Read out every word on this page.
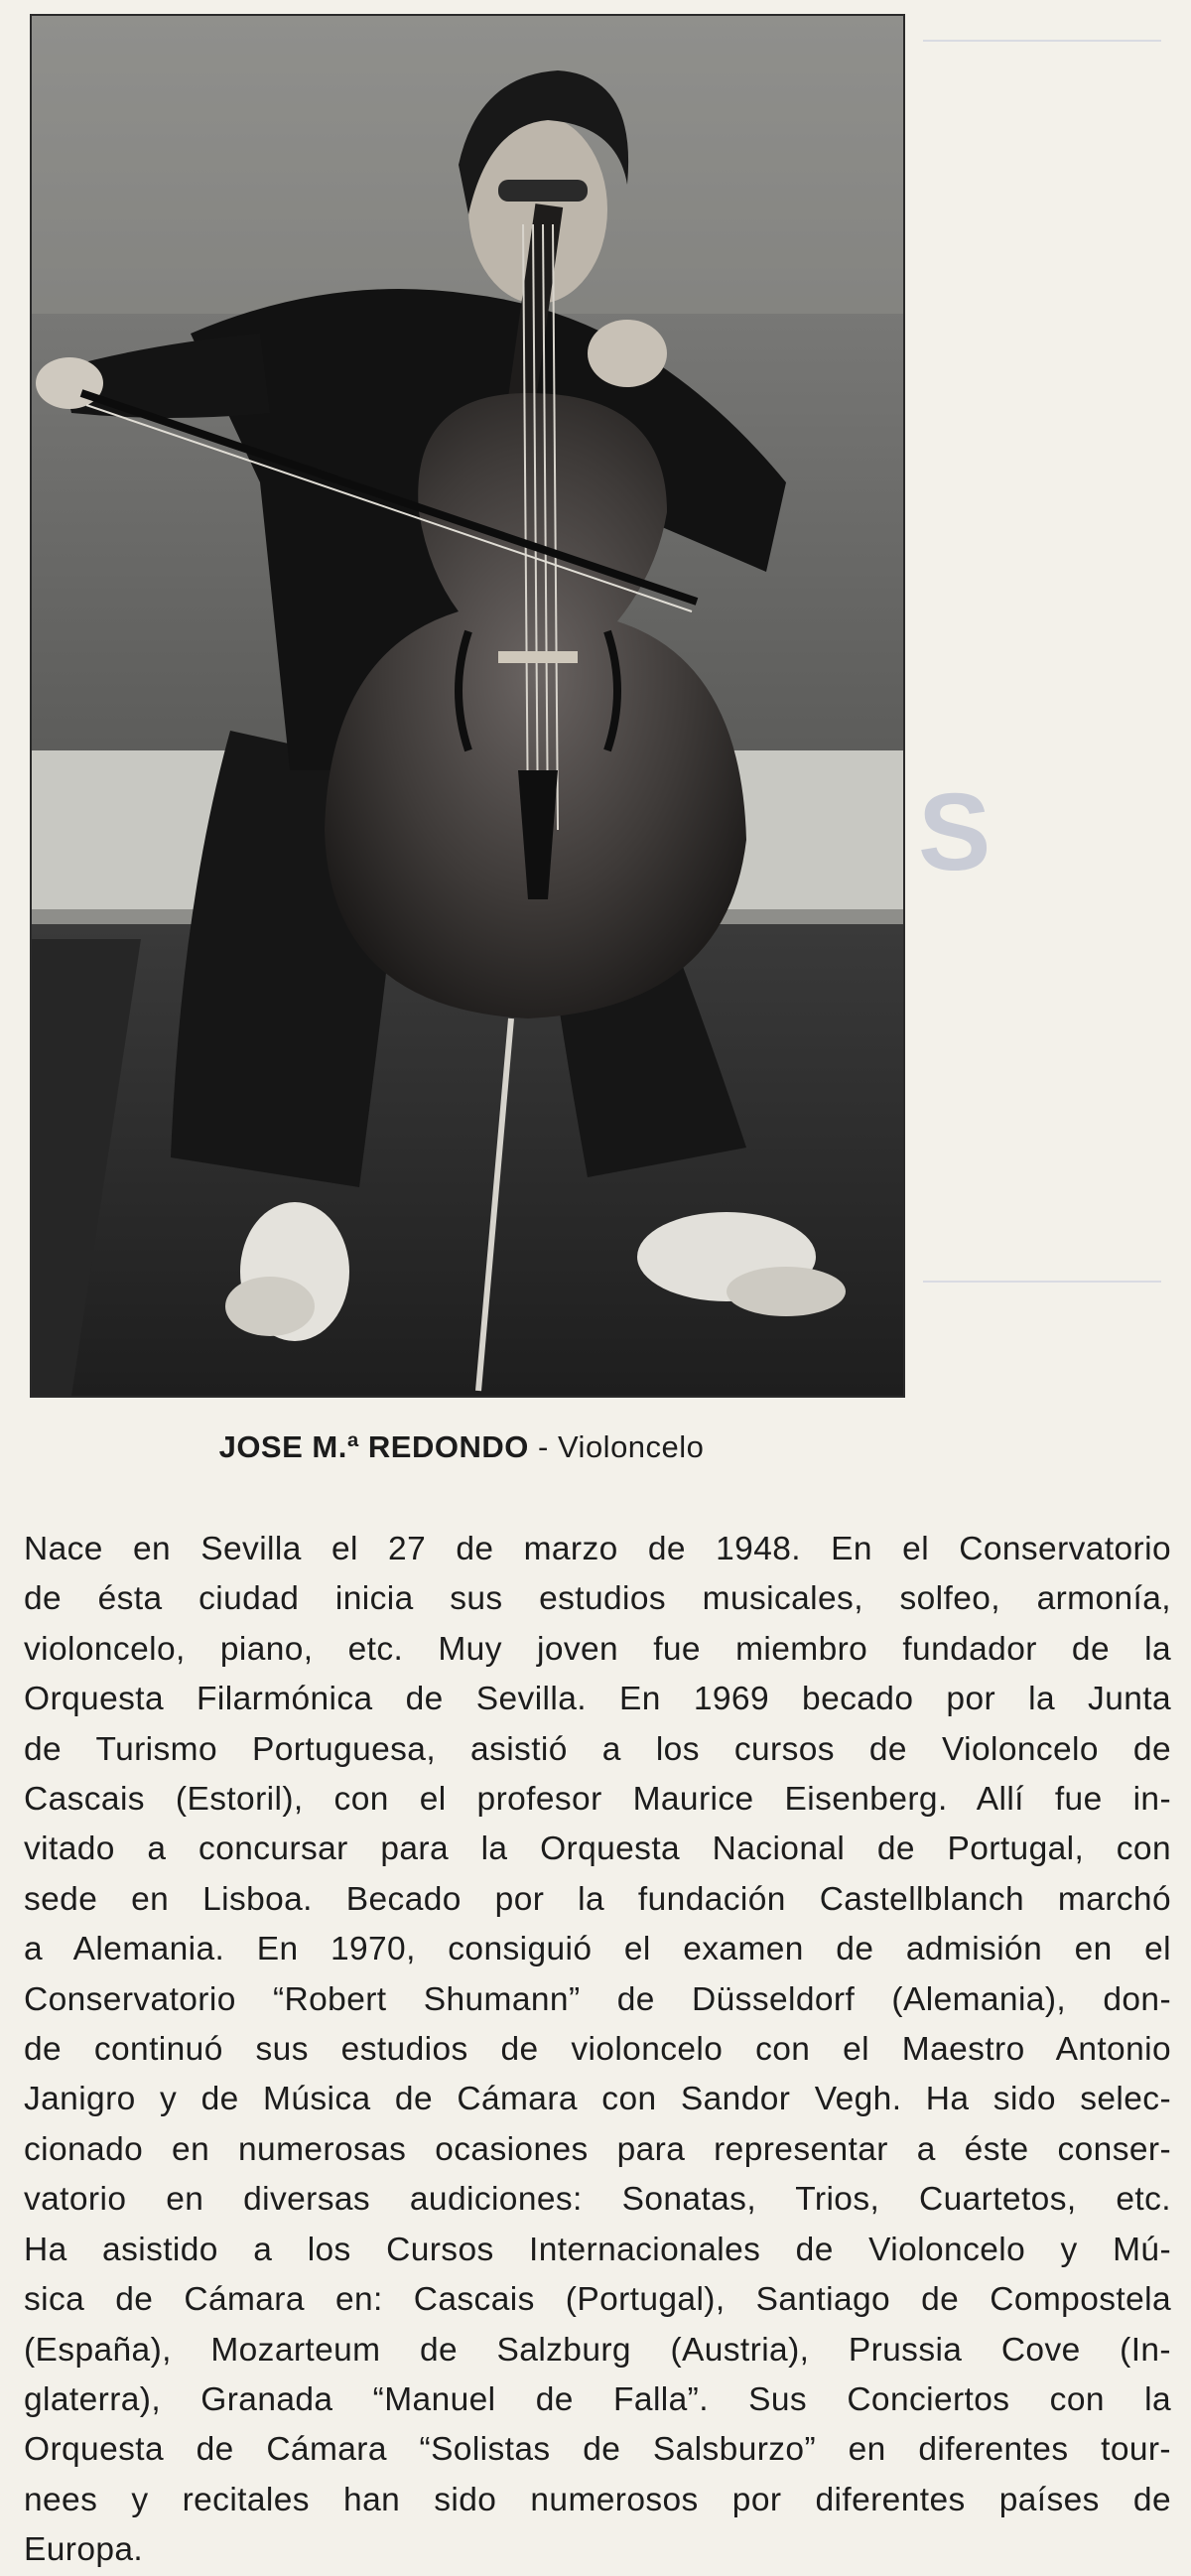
S
JOSE M.ª REDONDO - Violoncelo
Nace en Sevilla el 27 de marzo de 1948. En el Conservatorio
de ésta ciudad inicia sus estudios musicales, solfeo, armonía,
violoncelo, piano, etc. Muy joven fue miembro fundador de la
Orquesta Filarmónica de Sevilla. En 1969 becado por la Junta
de Turismo Portuguesa, asistió a los cursos de Violoncelo de
Cascais (Estoril), con el profesor Maurice Eisenberg. Allí fue in-
vitado a concursar para la Orquesta Nacional de Portugal, con
sede en Lisboa. Becado por la fundación Castellblanch marchó
a Alemania. En 1970, consiguió el examen de admisión en el
Conservatorio “Robert Shumann” de Düsseldorf (Alemania), don-
de continuó sus estudios de violoncelo con el Maestro Antonio
Janigro y de Música de Cámara con Sandor Vegh. Ha sido selec-
cionado en numerosas ocasiones para representar a éste conser-
vatorio en diversas audiciones: Sonatas, Trios, Cuartetos, etc.
Ha asistido a los Cursos Internacionales de Violoncelo y Mú-
sica de Cámara en: Cascais (Portugal), Santiago de Compostela
(España), Mozarteum de Salzburg (Austria), Prussia Cove (In-
glaterra), Granada “Manuel de Falla”. Sus Conciertos con la
Orquesta de Cámara “Solistas de Salsburzo” en diferentes tour-
nees y recitales han sido numerosos por diferentes países de
Europa.
